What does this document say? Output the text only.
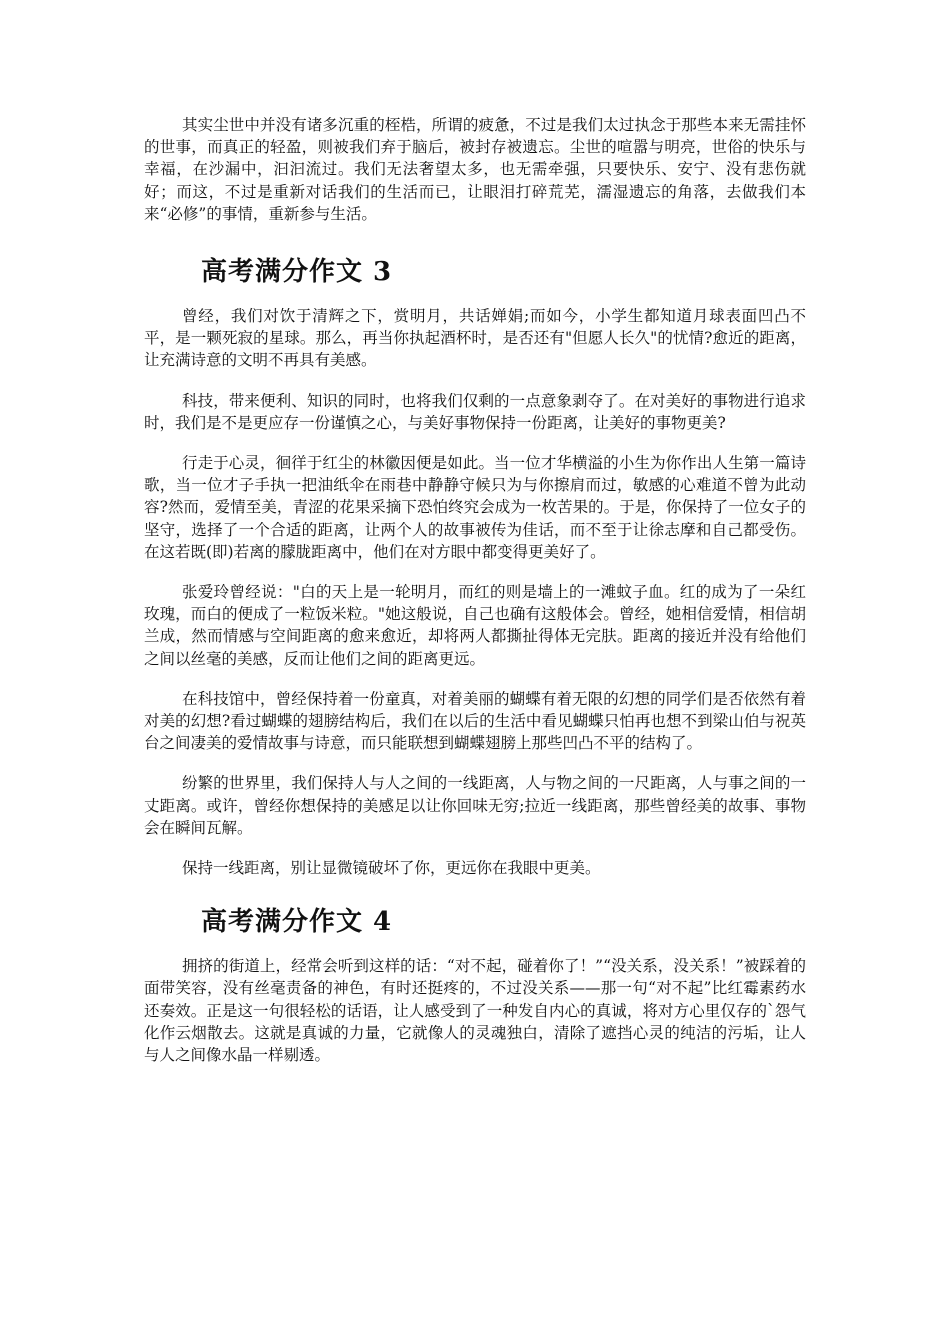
其实尘世中并没有诸多沉重的桎梏，所谓的疲惫，不过是我们太过执念于那些本来无需挂怀的世事，而真正的轻盈，则被我们弃于脑后，被封存被遗忘。尘世的喧嚣与明亮，世俗的快乐与幸福，在沙漏中，汩汩流过。我们无法奢望太多，也无需牵强，只要快乐、安宁、没有悲伤就好；而这，不过是重新对话我们的生活而已，让眼泪打碎荒芜，濡湿遗忘的角落，去做我们本来“必修”的事情，重新参与生活。

高考满分作文 3

曾经，我们对饮于清辉之下，赏明月，共话婵娟;而如今，小学生都知道月球表面凹凸不平，是一颗死寂的星球。那么，再当你执起酒杯时，是否还有"但愿人长久"的忧情?愈近的距离，让充满诗意的文明不再具有美感。

科技，带来便利、知识的同时，也将我们仅剩的一点意象剥夺了。在对美好的事物进行追求时，我们是不是更应存一份谨慎之心，与美好事物保持一份距离，让美好的事物更美?

行走于心灵，徊徉于红尘的林徽因便是如此。当一位才华横溢的小生为你作出人生第一篇诗歌，当一位才子手执一把油纸伞在雨巷中静静守候只为与你擦肩而过，敏感的心难道不曾为此动容?然而，爱情至美，青涩的花果采摘下恐怕终究会成为一枚苦果的。于是，你保持了一位女子的坚守，选择了一个合适的距离，让两个人的故事被传为佳话，而不至于让徐志摩和自己都受伤。在这若既(即)若离的朦胧距离中，他们在对方眼中都变得更美好了。

张爱玲曾经说："白的天上是一轮明月，而红的则是墙上的一滩蚊子血。红的成为了一朵红玫瑰，而白的便成了一粒饭米粒。"她这般说，自己也确有这般体会。曾经，她相信爱情，相信胡兰成，然而情感与空间距离的愈来愈近，却将两人都撕扯得体无完肤。距离的接近并没有给他们之间以丝毫的美感，反而让他们之间的距离更远。

在科技馆中，曾经保持着一份童真，对着美丽的蝴蝶有着无限的幻想的同学们是否依然有着对美的幻想?看过蝴蝶的翅膀结构后，我们在以后的生活中看见蝴蝶只怕再也想不到梁山伯与祝英台之间凄美的爱情故事与诗意，而只能联想到蝴蝶翅膀上那些凹凸不平的结构了。

纷繁的世界里，我们保持人与人之间的一线距离，人与物之间的一尺距离，人与事之间的一丈距离。或许，曾经你想保持的美感足以让你回味无穷;拉近一线距离，那些曾经美的故事、事物会在瞬间瓦解。

保持一线距离，别让显微镜破坏了你，更远你在我眼中更美。

高考满分作文 4

拥挤的街道上，经常会听到这样的话：“对不起，碰着你了！”“没关系，没关系！”被踩着的面带笑容，没有丝毫责备的神色，有时还挺疼的，不过没关系——那一句“对不起”比红霉素药水还奏效。正是这一句很轻松的话语，让人感受到了一种发自内心的真诚，将对方心里仅存的`怨气化作云烟散去。这就是真诚的力量，它就像人的灵魂独白，清除了遮挡心灵的纯洁的污垢，让人与人之间像水晶一样剔透。
